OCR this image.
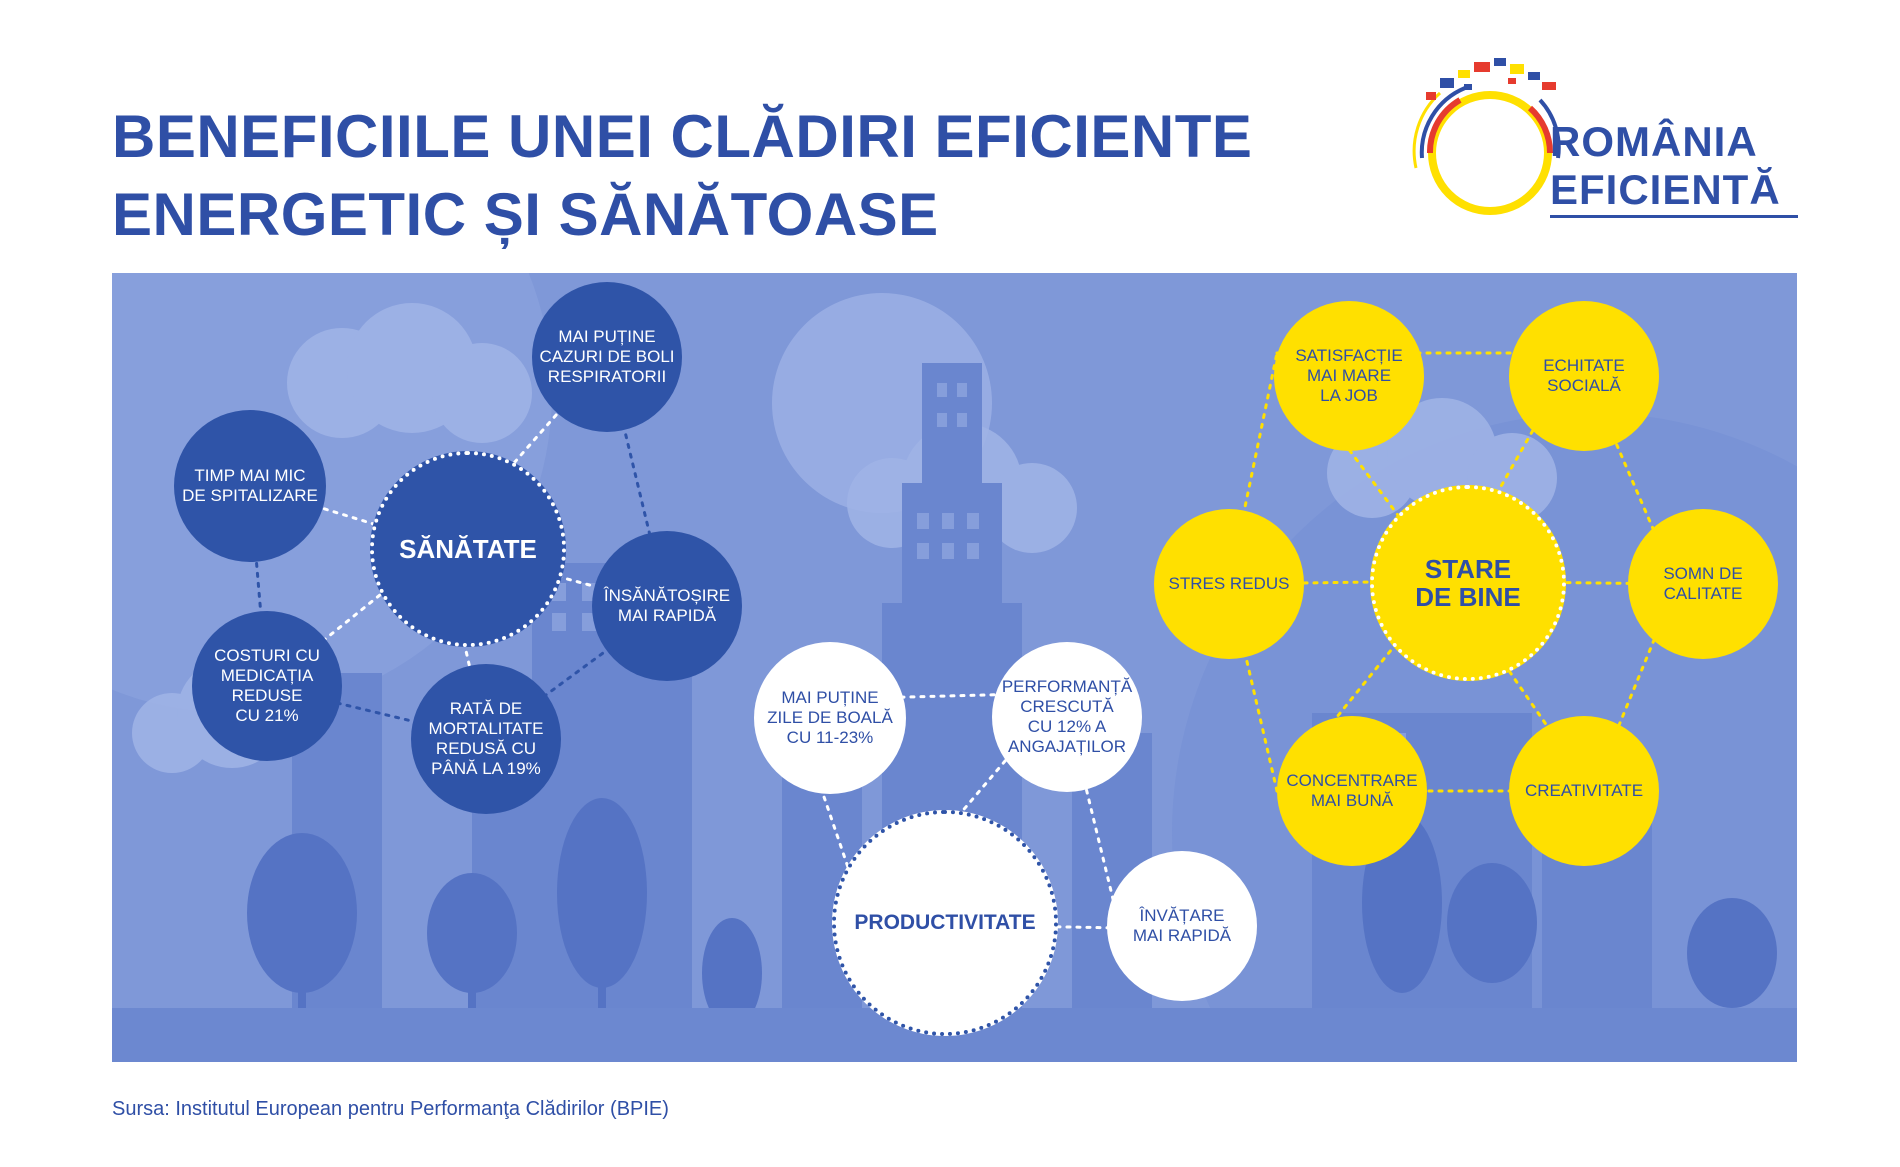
BENEFICIILE UNEI CLĂDIRI EFICIENTE
ENERGETIC ȘI SĂNĂTOASE
ROMÂNIA
EFICIENTĂ
SĂNĂTATE
MAI PUȚINE
CAZURI DE BOLI
RESPIRATORII
TIMP MAI MIC
DE SPITALIZARE
ÎNSĂNĂTOȘIRE
MAI RAPIDĂ
COSTURI CU
MEDICAȚIA
REDUSE
CU 21%	RATĂ DE
MORTALITATE
REDUSĂ CU
PÂNĂ LA 19%
PRODUCTIVITATE
MAI PUȚINE
ZILE DE BOALĂ
CU 11-23%
PERFORMANȚĂ
CRESCUTĂ
CU 12% A
ANGAJAȚILOR
ÎNVĂȚARE
MAI RAPIDĂ
STARE
DE BINE
SATISFACȚIE
MAI MARE
LA JOB
ECHITATE
SOCIALĂ
STRES REDUS
SOMN DE
CALITATE
CONCENTRARE
MAI BUNĂ
CREATIVITATE
Sursa: Institutul European pentru Performanţa Clădirilor (BPIE)
